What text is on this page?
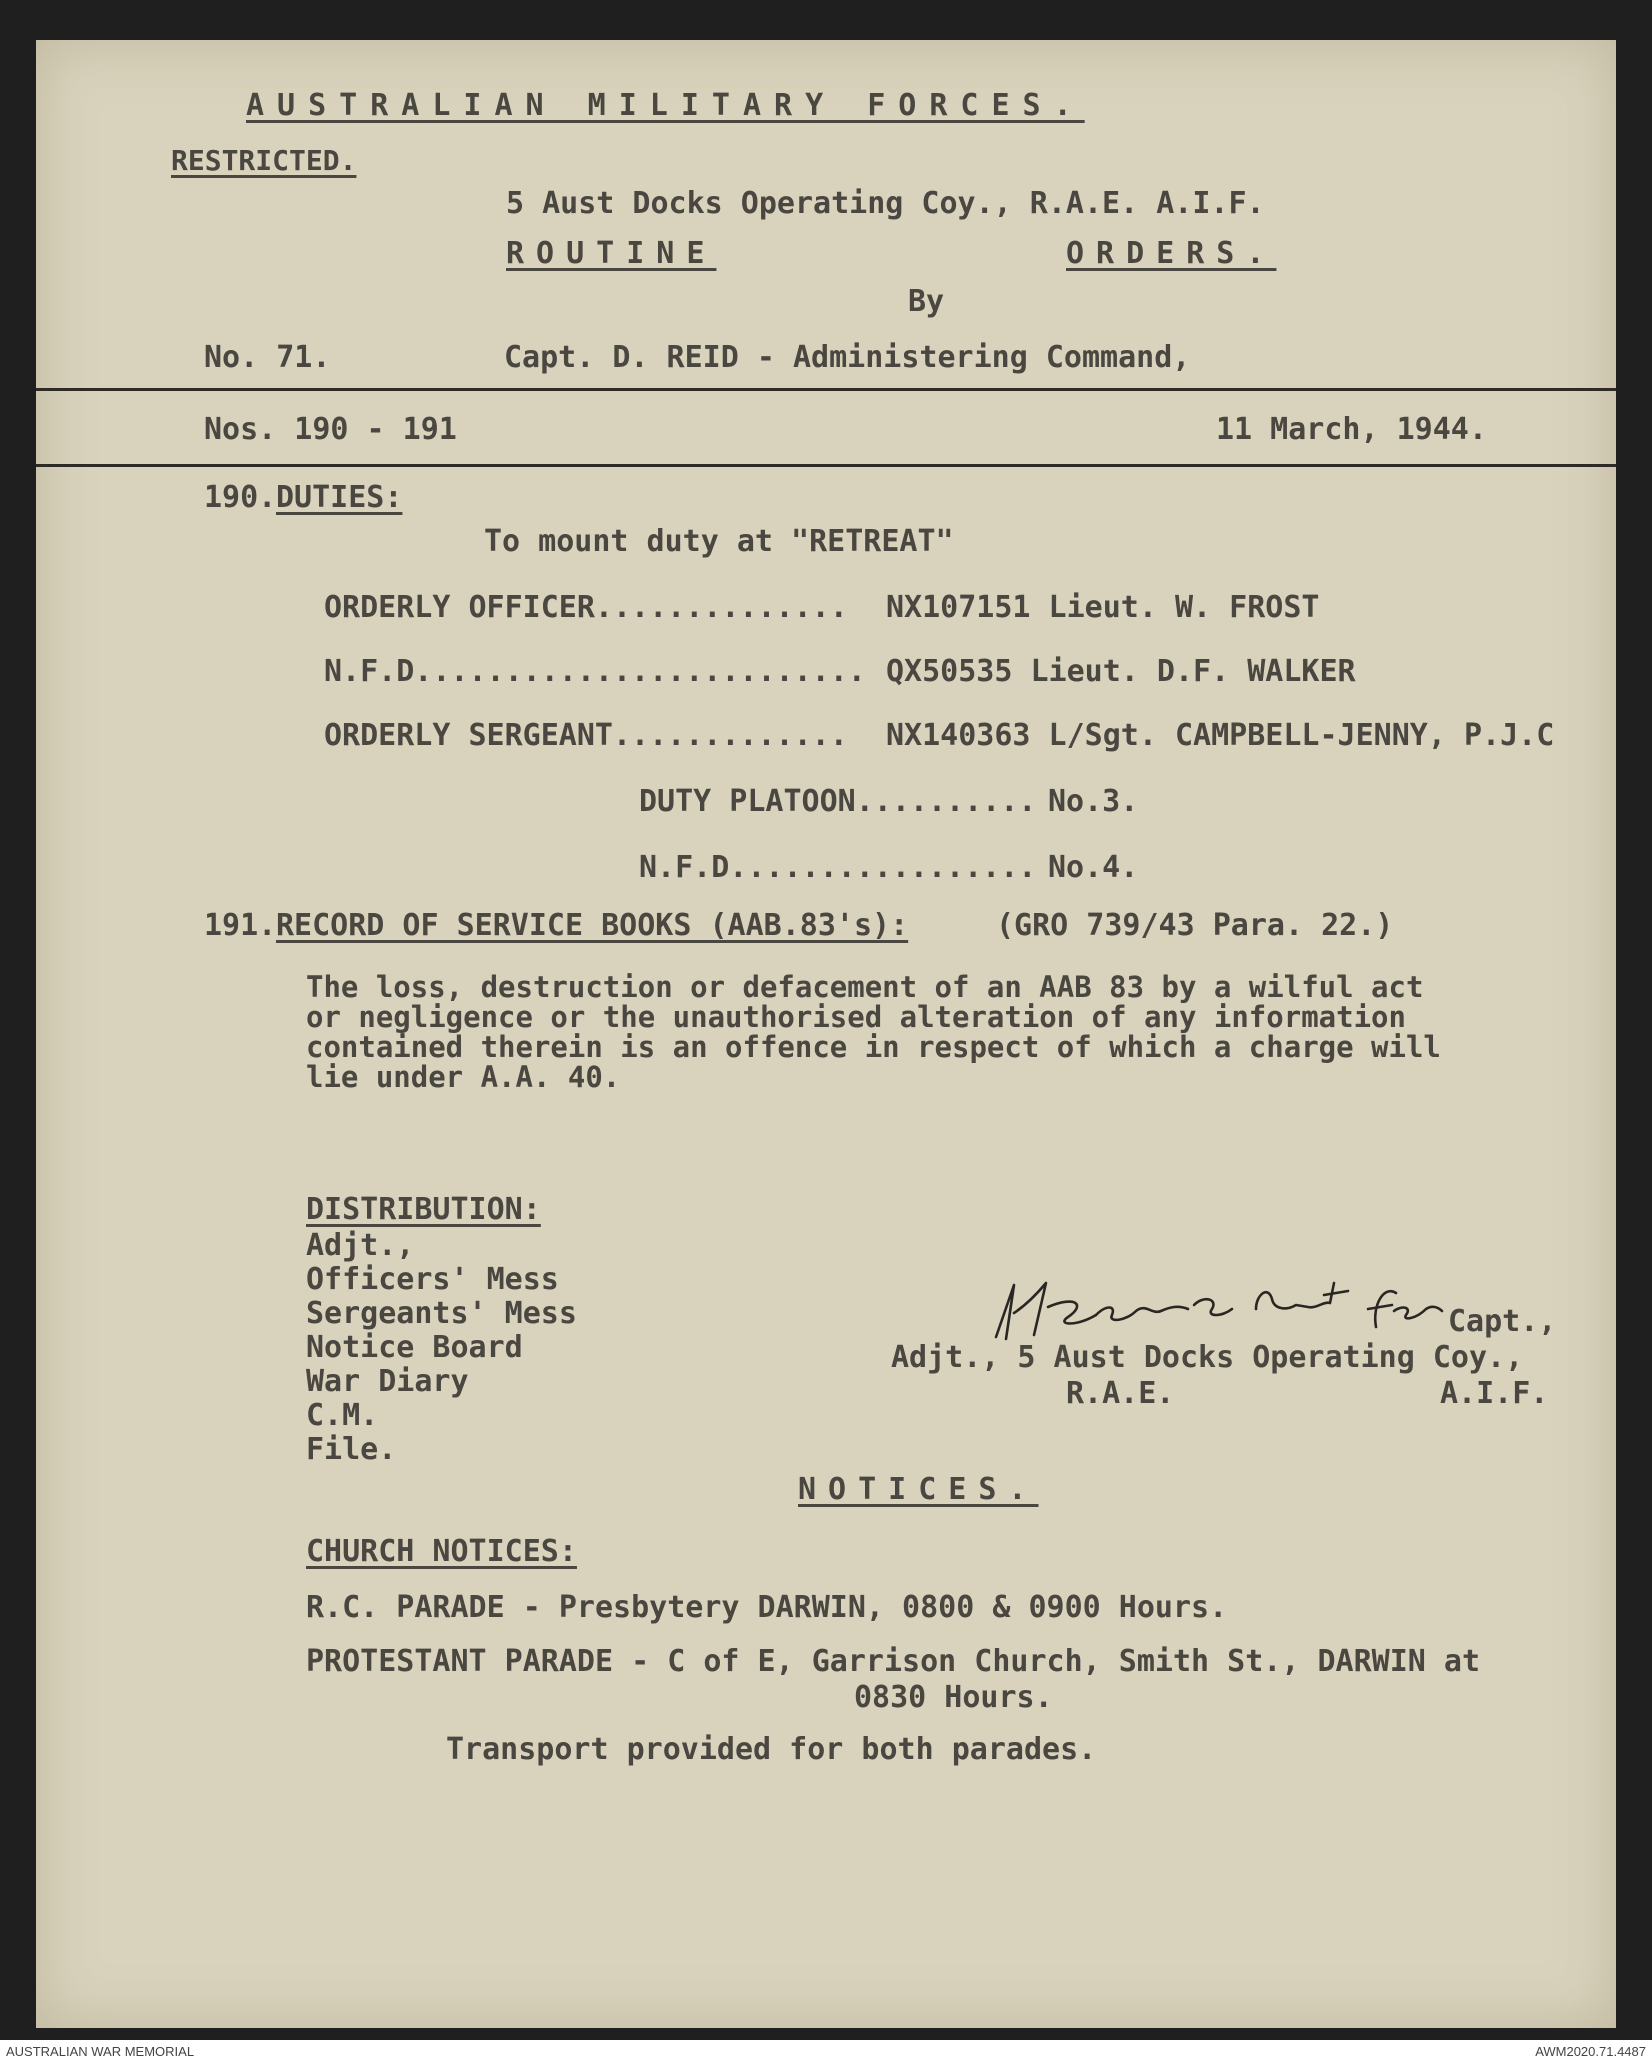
AUSTRALIAN MILITARY FORCES.
RESTRICTED.
5 Aust Docks Operating Coy., R.A.E. A.I.F.
ROUTINE	ORDERS.
By
No. 71.	Capt. D. REID - Administering Command,
Nos. 190 - 191	11 March, 1944.
190. DUTIES:
To mount duty at "RETREAT"
ORDERLY OFFICER.............. NX107151 Lieut. W. FROST
N.F.D......................... QX50535 Lieut. D.F. WALKER
ORDERLY SERGEANT............. NX140363 L/Sgt. CAMPBELL-JENNY, P.J.C
DUTY PLATOON.......... No.3.
N.F.D................. No.4.
191. RECORD OF SERVICE BOOKS (AAB.83's):	(GRO 739/43 Para. 22.)
The loss, destruction or defacement of an AAB 83 by a wilful act
or negligence or the unauthorised alteration of any information
contained therein is an offence in respect of which a charge will
lie under A.A. 40.
DISTRIBUTION:
Adjt.,
Officers' Mess
Sergeants' Mess
Notice Board
War Diary
C.M.
File.
Capt.,
Adjt., 5 Aust Docks Operating Coy.,
R.A.E.	A.I.F.
NOTICES.
CHURCH NOTICES:
R.C. PARADE - Presbytery DARWIN, 0800 & 0900 Hours.
PROTESTANT PARADE - C of E, Garrison Church, Smith St., DARWIN at
0830 Hours.
Transport provided for both parades.
AUSTRALIAN WAR MEMORIAL	AWM2020.71.4487
